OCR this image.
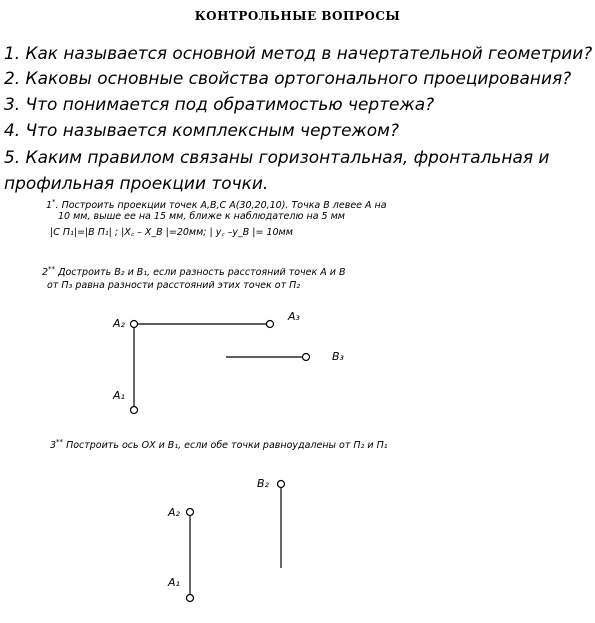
КОНТРОЛЬНЫЕ ВОПРОСЫ
1. Как называется основной метод в начертательной геометрии?
2. Каковы основные свойства ортогонального проецирования?
3. Что понимается под обратимостью чертежа?
4. Что называется комплексным чертежом?
5. Каким правилом связаны горизонтальная, фронтальная и
профильная проекции точки.
1*. Построить проекции точек А,В,С А(30,20,10). Точка В левее А на
10 мм, выше ее на 15 мм, ближе к наблюдателю на 5 мм
|C П₁|=|В П₁| ; |X꜀ – X_В |=20мм; | y꜀ –y_В |= 10мм
2** Достроить В₂ и В₁, если разность расстояний точек А и В
от П₃ равна разности расстояний этих точек от П₂
3** Построить ось ОХ и В₁, если обе точки равноудалены от П₂ и П₁
A₂
A₃
B₃
A₁
A₂
B₂
A₁
